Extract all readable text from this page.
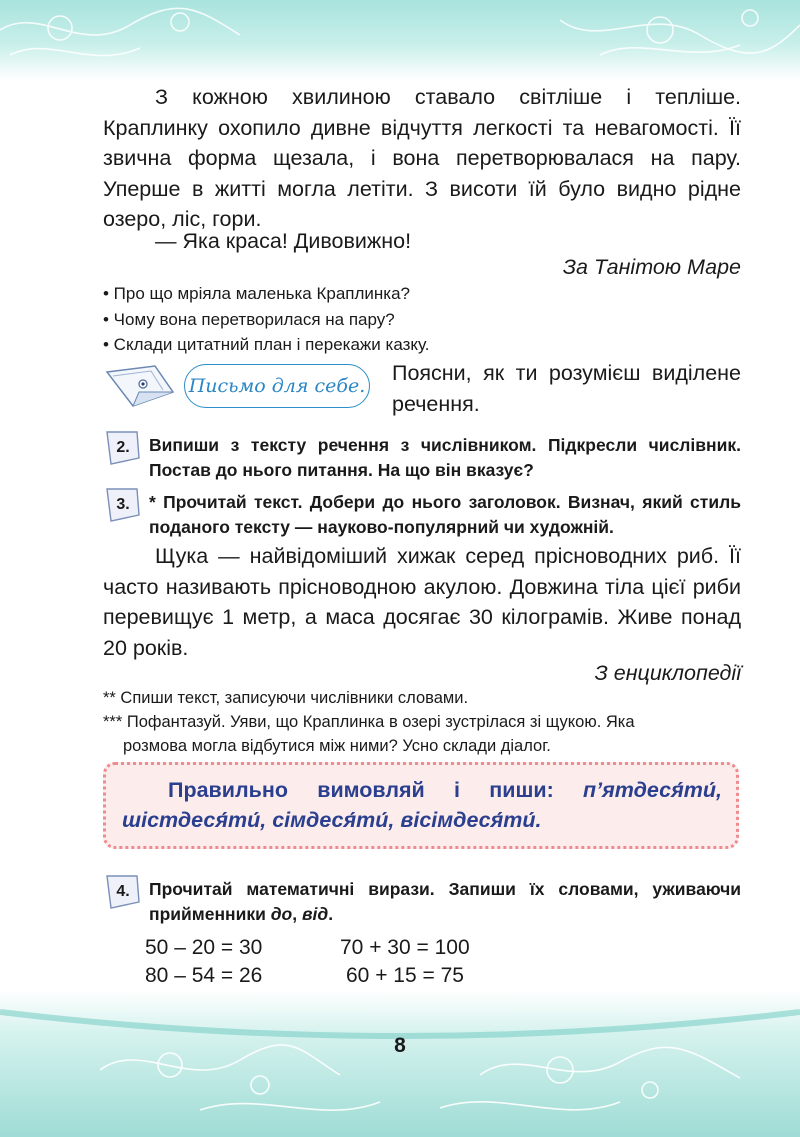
З кожною хвилиною ставало світліше і тепліше. Краплинку охопило дивне відчуття легкості та невагомості. Її звична форма щезала, і вона перетворювалася на пару. Уперше в житті могла летіти. З висоти їй було видно рідне озеро, ліс, гори.

— Яка краса! Дивовижно!

За Танітою Маре

• Про що мріяла маленька Краплинка?
• Чому вона перетворилася на пару?
• Склади цитатний план і перекажи казку.
Письмо для себе.

Поясни, як ти розумієш виділене речення.

2.	Випиши з тексту речення з числівником. Підкресли числівник. Постав до нього питання. На що він вказує?

3.	* Прочитай текст. Добери до нього заголовок. Визнач, який стиль поданого тексту — науково-популярний чи художній.

Щука — найвідоміший хижак серед прісноводних риб. Її часто називають прісноводною акулою. Довжина тіла цієї риби перевищує 1 метр, а маса досягає 30 кілограмів. Живе понад 20 років.

З енциклопедії

** Спиши текст, записуючи числівники словами.
*** Пофантазуй. Уяви, що Краплинка в озері зустрілася зі щукою. Яка
розмова могла відбутися між ними? Усно склади діалог.
Правильно вимовляй і пиши: п’ятдеся́ти́, шістдеся́ти́, сімдеся́ти́, вісімдеся́ти́.
4.	Прочитай математичні вирази. Запиши їх словами, уживаючи прийменники до, від.

50 – 20 = 30	70 + 30 = 100
80 – 54 = 26	60 + 15 = 75
8
